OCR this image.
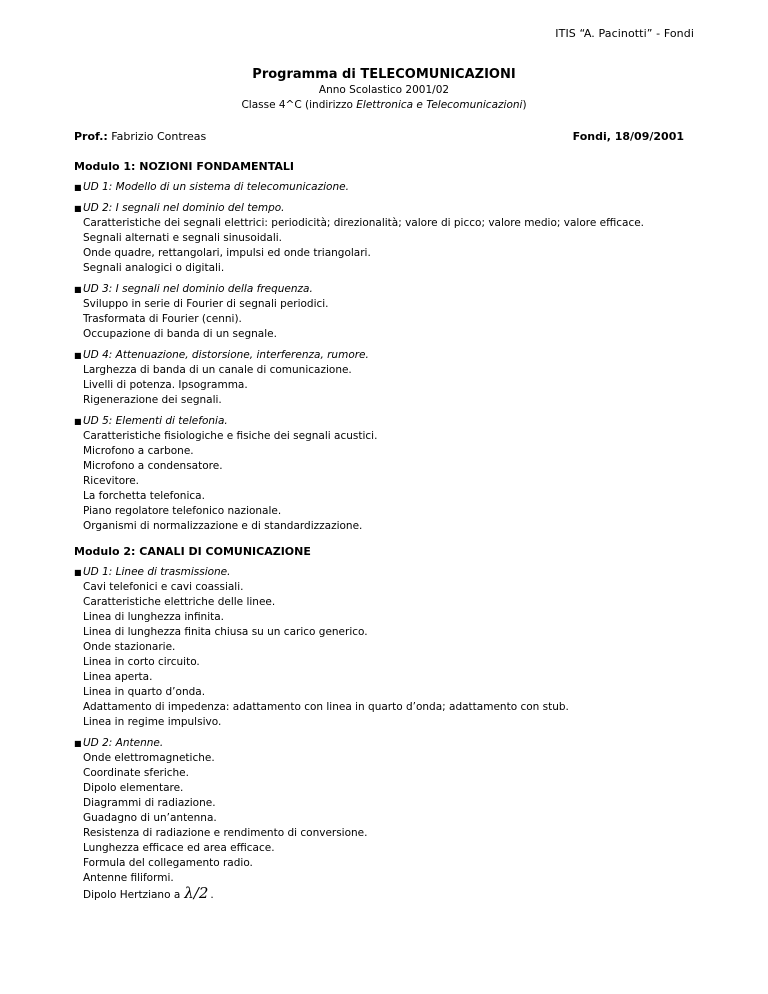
ITIS “A. Pacinotti” - Fondi
Programma di TELECOMUNICAZIONI
Anno Scolastico 2001/02
Classe 4^C (indirizzo Elettronica e Telecomunicazioni)
Prof.: Fabrizio Contreas	Fondi, 18/09/2001
Modulo 1: NOZIONI FONDAMENTALI
■ UD 1: Modello di un sistema di telecomunicazione.
■ UD 2: I segnali nel dominio del tempo.
Caratteristiche dei segnali elettrici: periodicità; direzionalità; valore di picco; valore medio; valore efficace.
Segnali alternati e segnali sinusoidali.
Onde quadre, rettangolari, impulsi ed onde triangolari.
Segnali analogici o digitali.
■ UD 3: I segnali nel dominio della frequenza.
Sviluppo in serie di Fourier di segnali periodici.
Trasformata di Fourier (cenni).
Occupazione di banda di un segnale.
■ UD 4: Attenuazione, distorsione, interferenza, rumore.
Larghezza di banda di un canale di comunicazione.
Livelli di potenza. Ipsogramma.
Rigenerazione dei segnali.
■ UD 5: Elementi di telefonia.
Caratteristiche fisiologiche e fisiche dei segnali acustici.
Microfono a carbone.
Microfono a condensatore.
Ricevitore.
La forchetta telefonica.
Piano regolatore telefonico nazionale.
Organismi di normalizzazione e di standardizzazione.
Modulo 2: CANALI DI COMUNICAZIONE
■ UD 1: Linee di trasmissione.
Cavi telefonici e cavi coassiali.
Caratteristiche elettriche delle linee.
Linea di lunghezza infinita.
Linea di lunghezza finita chiusa su un carico generico.
Onde stazionarie.
Linea in corto circuito.
Linea aperta.
Linea in quarto d’onda.
Adattamento di impedenza: adattamento con linea in quarto d’onda; adattamento con stub.
Linea in regime impulsivo.
■ UD 2: Antenne.
Onde elettromagnetiche.
Coordinate sferiche.
Dipolo elementare.
Diagrammi di radiazione.
Guadagno di un’antenna.
Resistenza di radiazione e rendimento di conversione.
Lunghezza efficace ed area efficace.
Formula del collegamento radio.
Antenne filiformi.
Dipolo Hertziano a λ/2 .
